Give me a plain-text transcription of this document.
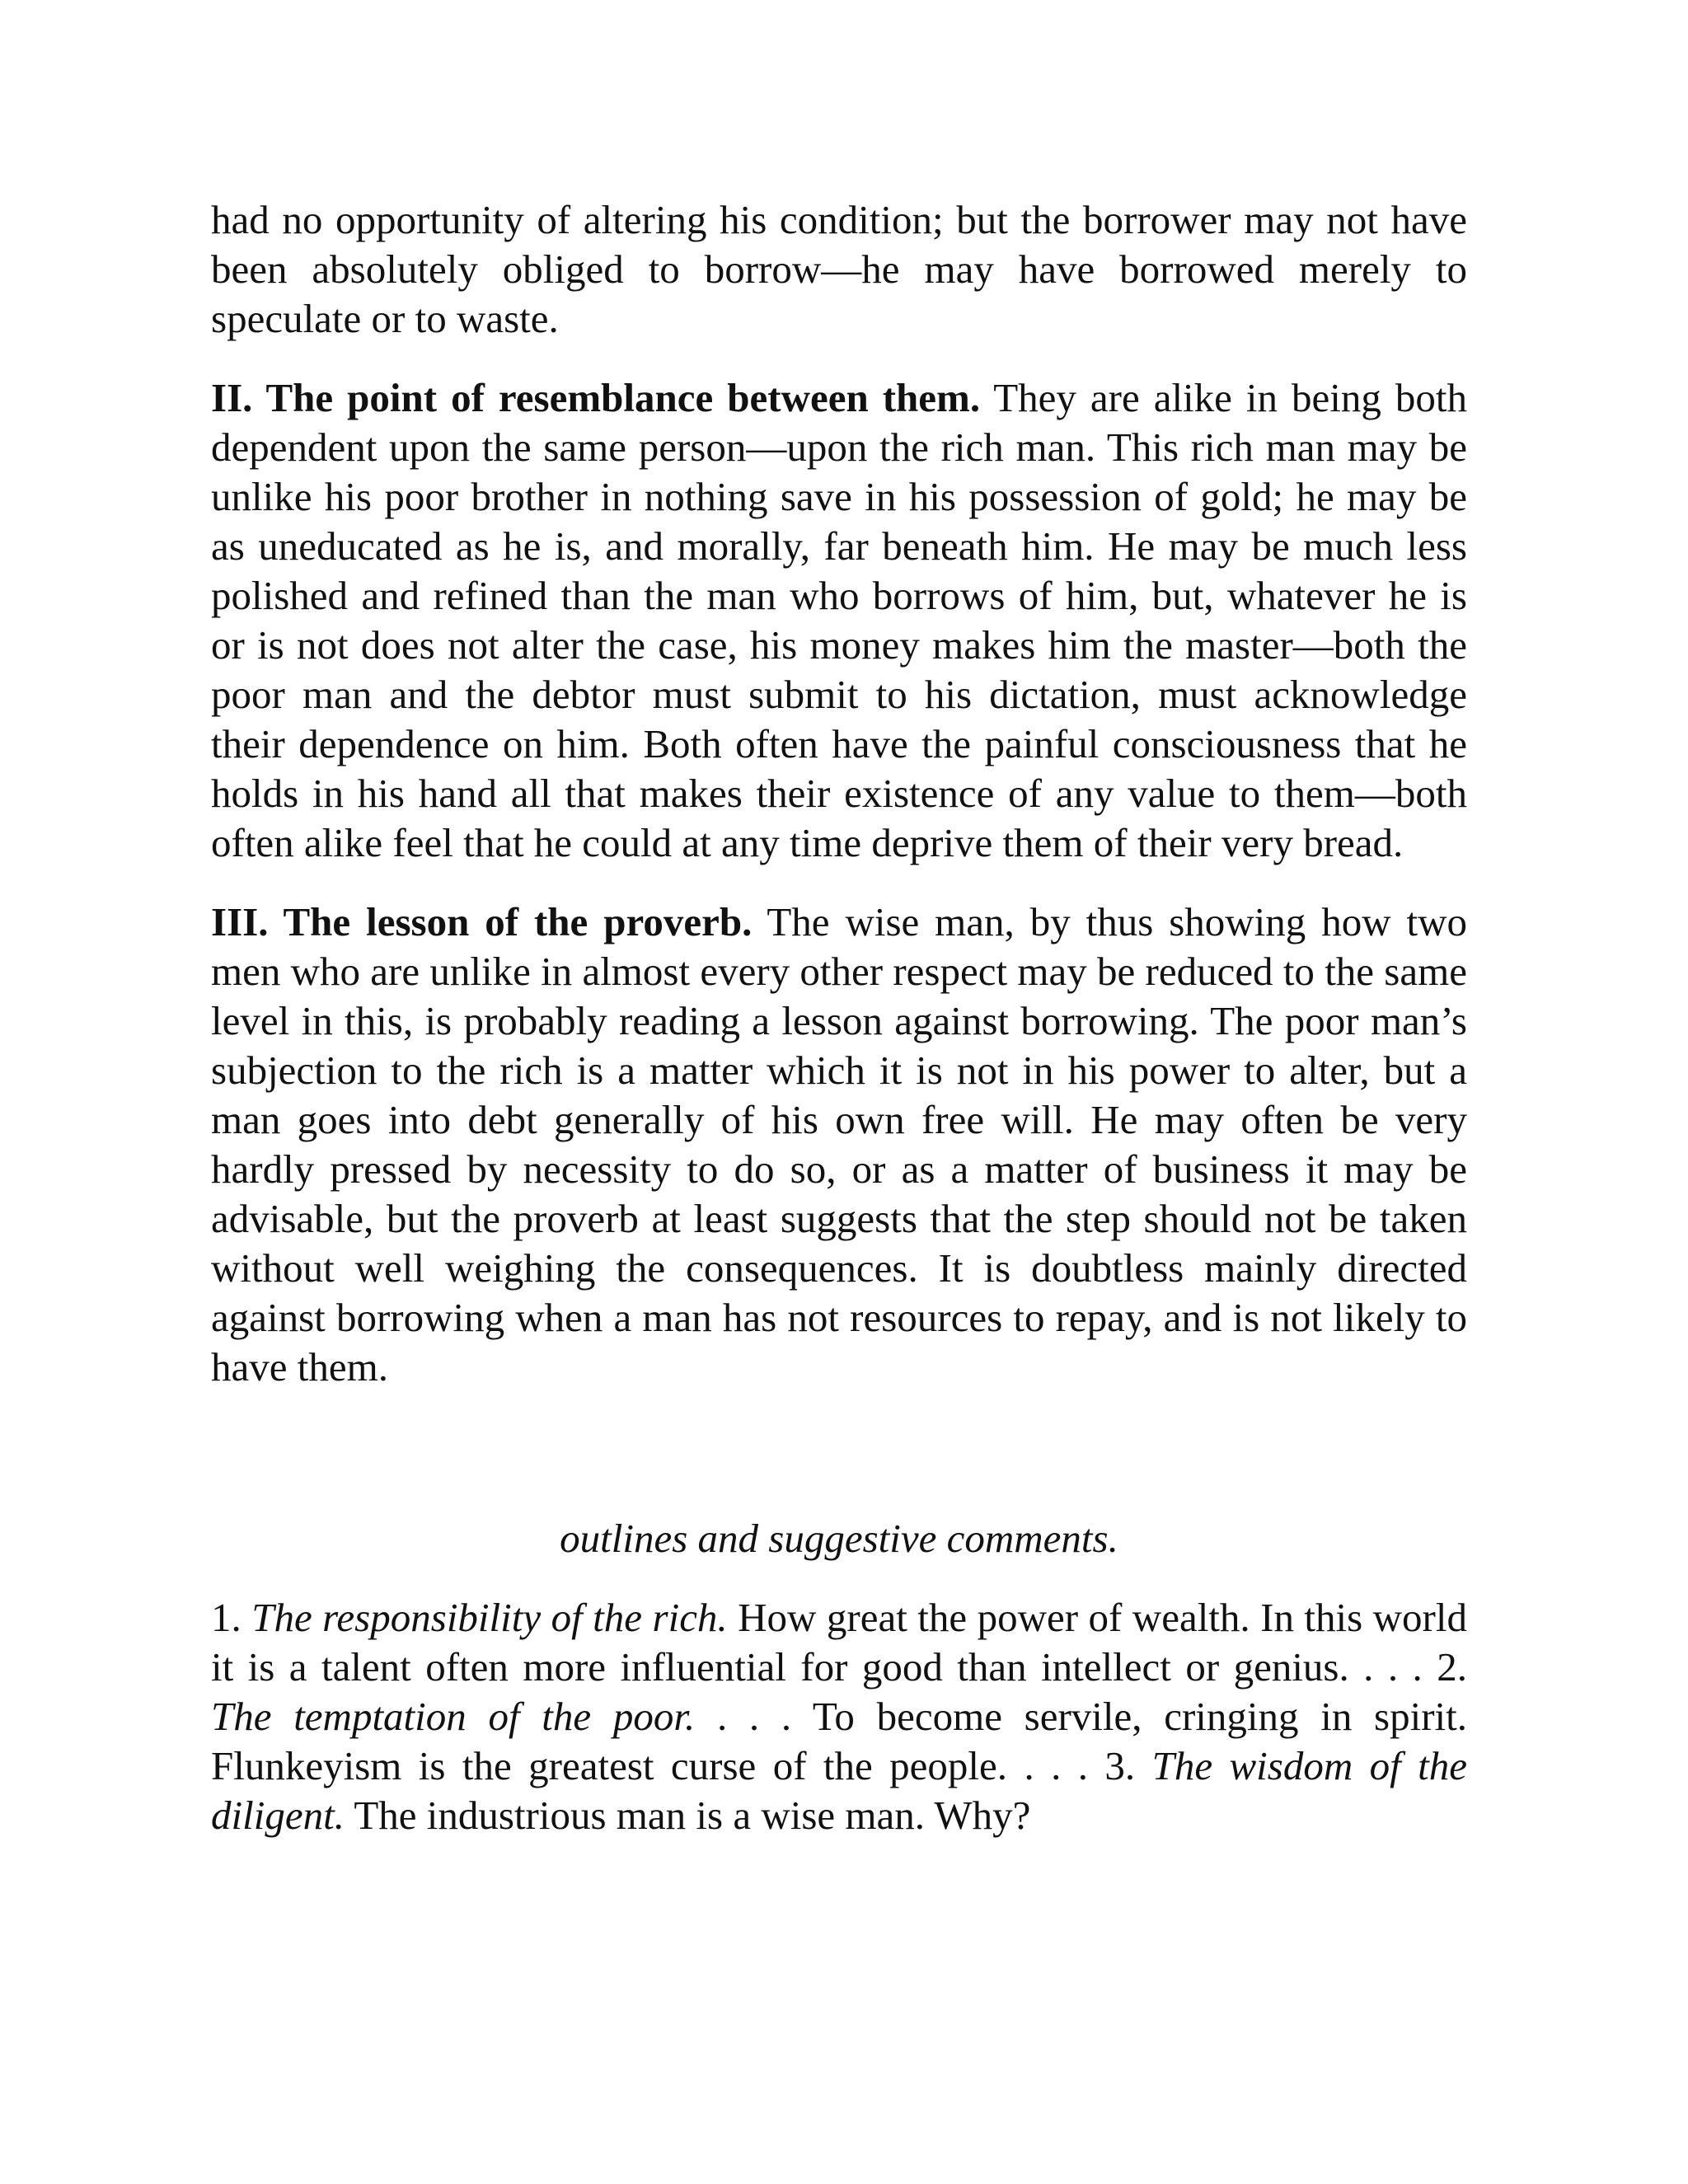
had no opportunity of altering his condition; but the borrower may not have been absolutely obliged to borrow—he may have borrowed merely to speculate or to waste.

II. The point of resemblance between them. They are alike in being both dependent upon the same person—upon the rich man. This rich man may be unlike his poor brother in nothing save in his possession of gold; he may be as uneducated as he is, and morally, far beneath him. He may be much less polished and refined than the man who borrows of him, but, whatever he is or is not does not alter the case, his money makes him the master—both the poor man and the debtor must submit to his dictation, must acknowledge their dependence on him. Both often have the painful consciousness that he holds in his hand all that makes their existence of any value to them—both often alike feel that he could at any time deprive them of their very bread.

III. The lesson of the proverb. The wise man, by thus showing how two men who are unlike in almost every other respect may be reduced to the same level in this, is probably reading a lesson against borrowing. The poor man’s subjection to the rich is a matter which it is not in his power to alter, but a man goes into debt generally of his own free will. He may often be very hardly pressed by necessity to do so, or as a matter of business it may be advisable, but the proverb at least suggests that the step should not be taken without well weighing the consequences. It is doubtless mainly directed against borrowing when a man has not resources to repay, and is not likely to have them.

outlines and suggestive comments.

1. The responsibility of the rich. How great the power of wealth. In this world it is a talent often more influential for good than intellect or genius. . . . 2. The temptation of the poor. . . . To become servile, cringing in spirit. Flunkeyism is the greatest curse of the people. . . . 3. The wisdom of the diligent. The industrious man is a wise man. Why?
